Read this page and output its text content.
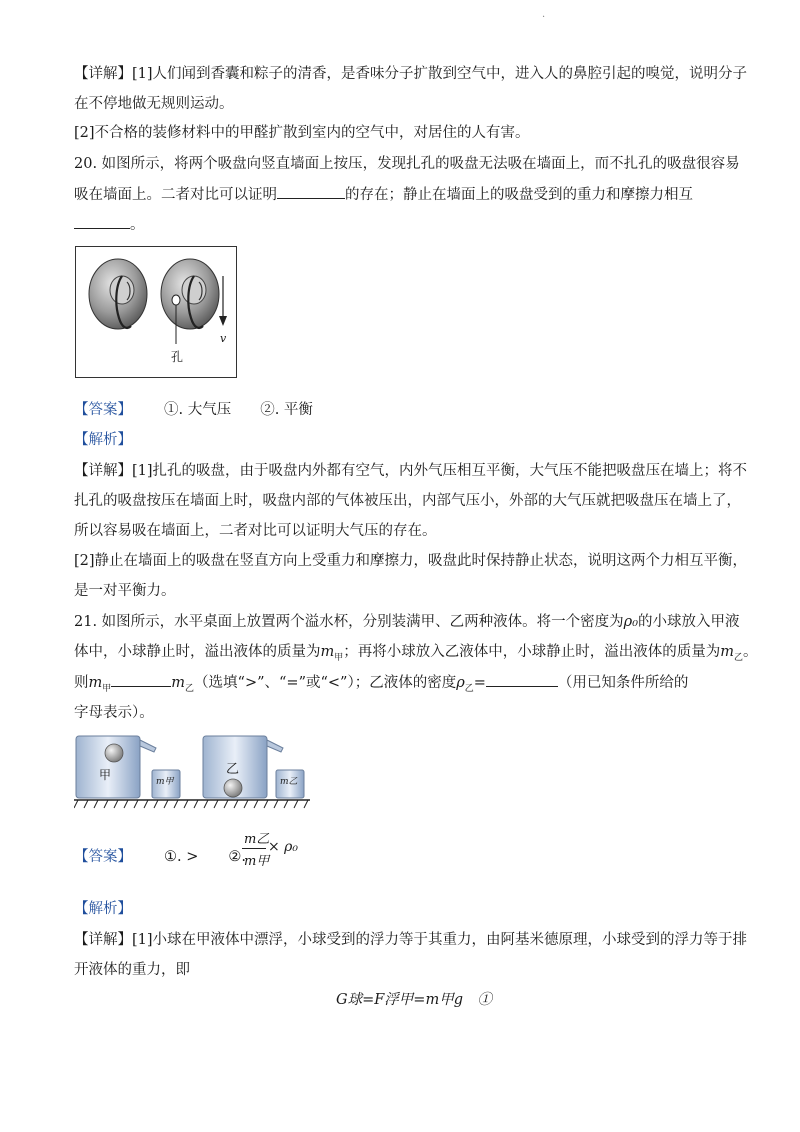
·
【详解】[1]人们闻到香囊和粽子的清香，是香味分子扩散到空气中，进入人的鼻腔引起的嗅觉，说明分子
在不停地做无规则运动。
[2]不合格的装修材料中的甲醛扩散到室内的空气中，对居住的人有害。
20. 如图所示，将两个吸盘向竖直墙面上按压，发现扎孔的吸盘无法吸在墙面上，而不扎孔的吸盘很容易
吸在墙面上。二者对比可以证明	的存在；静止在墙面上的吸盘受到的重力和摩擦力相互
。
孔
v
【答案】 ①. 大气压　　②. 平衡
【解析】
【详解】[1]扎孔的吸盘，由于吸盘内外都有空气，内外气压相互平衡，大气压不能把吸盘压在墙上；将不
扎孔的吸盘按压在墙面上时，吸盘内部的气体被压出，内部气压小，外部的大气压就把吸盘压在墙上了，
所以容易吸在墙面上，二者对比可以证明大气压的存在。
[2]静止在墙面上的吸盘在竖直方向上受重力和摩擦力，吸盘此时保持静止状态，说明这两个力相互平衡，
是一对平衡力。
21. 如图所示，水平桌面上放置两个溢水杯，分别装满甲、乙两种液体。将一个密度为ρ₀的小球放入甲液
体中，小球静止时，溢出液体的质量为$m_甲$；再将小球放入乙液体中，小球静止时，溢出液体的质量为$m_乙$。
则$m_甲$	$m_乙$（选填“>”、“=”或“<”）；乙液体的密度$\rho_乙=$	（用已知条件所给的
字母表示）。
甲	乙
m甲	m乙
【答案】 ①. > ②.
m乙
m甲
× ρ₀
【解析】
【详解】[1]小球在甲液体中漂浮，小球受到的浮力等于其重力，由阿基米德原理，小球受到的浮力等于排
开液体的重力，即
G球=F浮甲=m甲g　①
